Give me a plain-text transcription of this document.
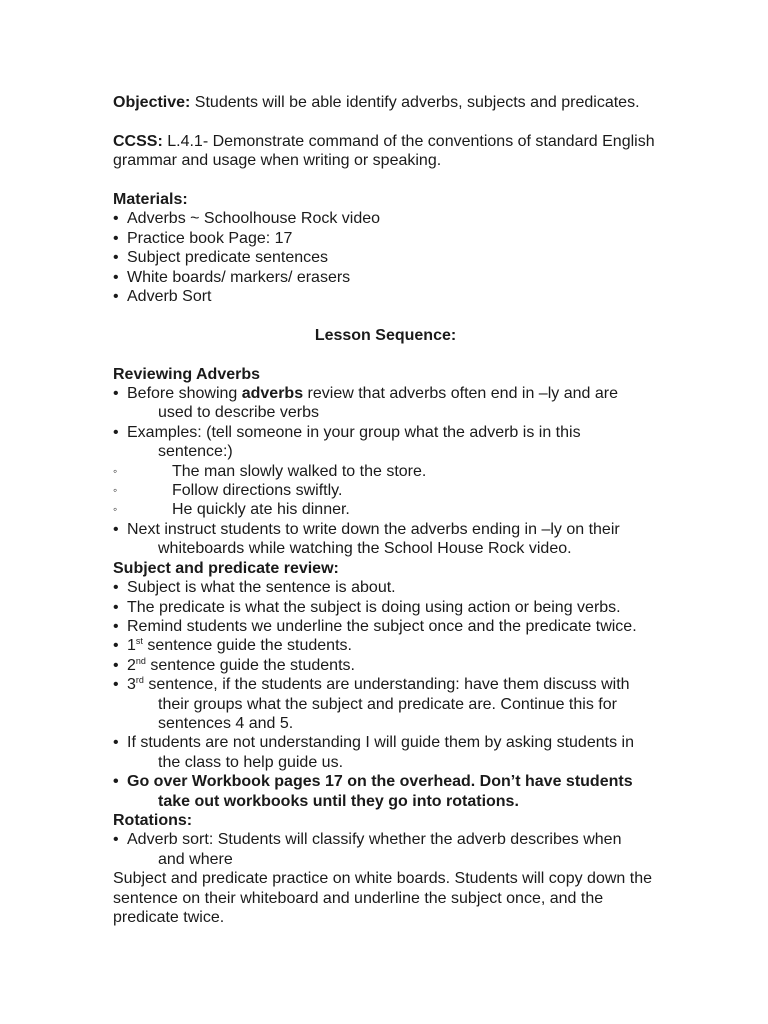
Objective: Students will be able identify adverbs, subjects and predicates.

CCSS: L.4.1- Demonstrate command of the conventions of standard English grammar and usage when writing or speaking.

Materials:

• Adverbs ~ Schoolhouse Rock video
• Practice book Page: 17
• Subject predicate sentences
• White boards/ markers/ erasers
• Adverb Sort

Lesson Sequence:

Reviewing Adverbs

• Before showing adverbs review that adverbs often end in –ly and are
used to describe verbs
• Examples: (tell someone in your group what the adverb is in this
sentence:)
◦ The man slowly walked to the store.
◦ Follow directions swiftly.
◦ He quickly ate his dinner.
• Next instruct students to write down the adverbs ending in –ly on their
whiteboards while watching the School House Rock video.

Subject and predicate review:

• Subject is what the sentence is about.
• The predicate is what the subject is doing using action or being verbs.
• Remind students we underline the subject once and the predicate twice.
• 1st sentence guide the students.
• 2nd sentence guide the students.
• 3rd sentence, if the students are understanding: have them discuss with
their groups what the subject and predicate are. Continue this for
sentences 4 and 5.
• If students are not understanding I will guide them by asking students in
the class to help guide us.
• Go over Workbook pages 17 on the overhead. Don’t have students
take out workbooks until they go into rotations.

Rotations:

• Adverb sort: Students will classify whether the adverb describes when
and where

Subject and predicate practice on white boards. Students will copy down the sentence on their whiteboard and underline the subject once, and the predicate twice.
